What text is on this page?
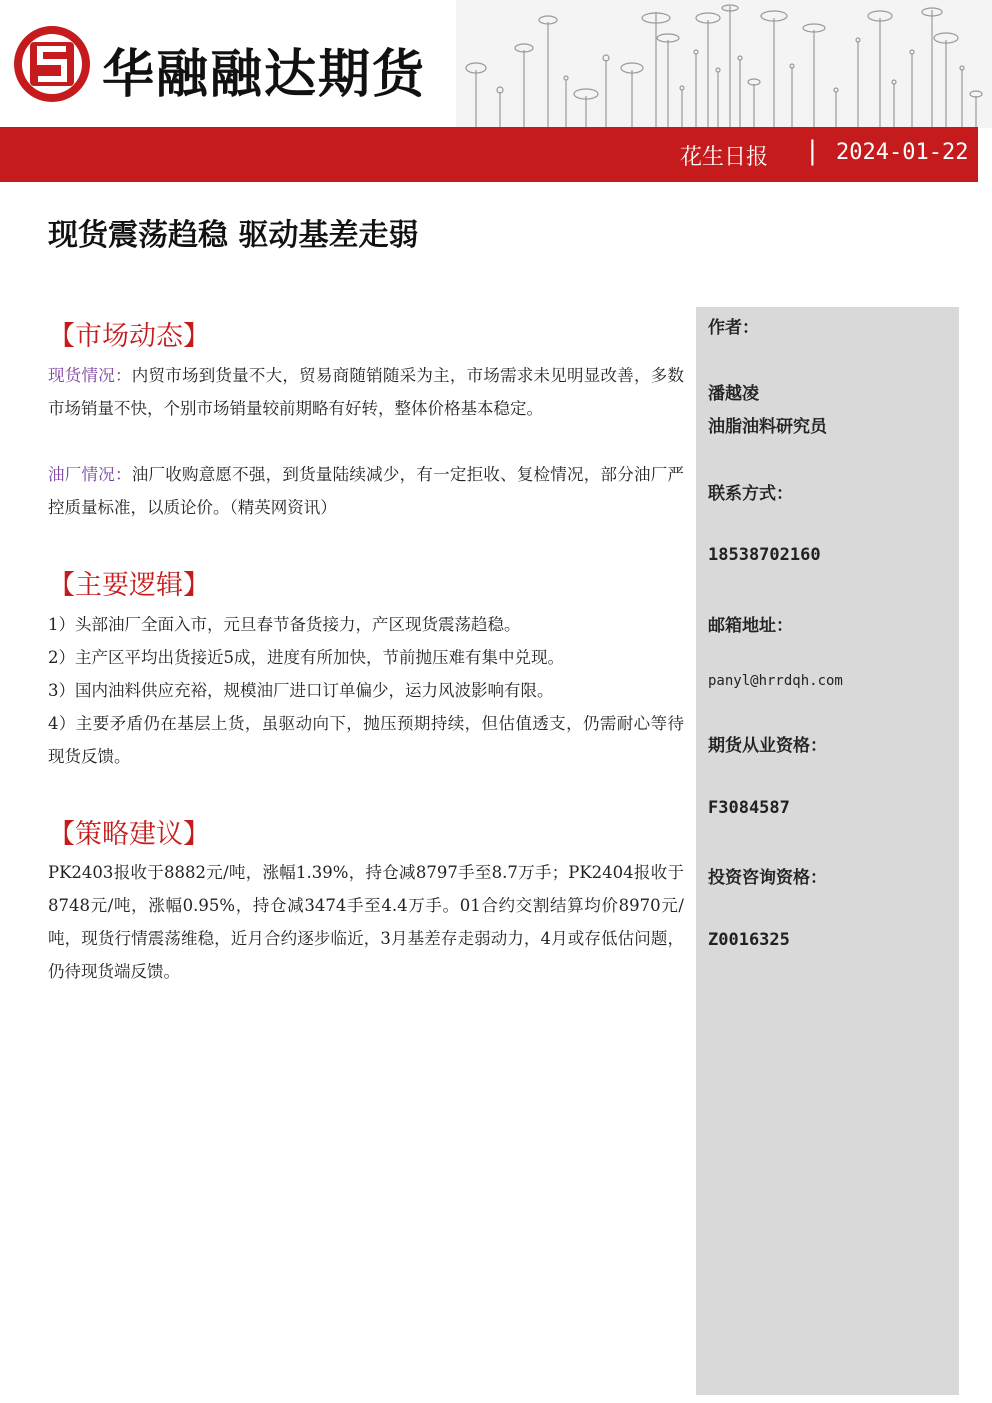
华融融达期货
花生日报 | 2024-01-22
现货震荡趋稳 驱动基差走弱
作者：
潘越凌
油脂油料研究员
联系方式：
18538702160
邮箱地址：
panyl@hrrdqh.com
期货从业资格：
F3084587
投资咨询资格：
Z0016325
【市场动态】
现货情况：内贸市场到货量不大，贸易商随销随采为主，市场需求未见明显改善，多数市场销量不快，个别市场销量较前期略有好转，整体价格基本稳定。
油厂情况：油厂收购意愿不强，到货量陆续减少，有一定拒收、复检情况，部分油厂严控质量标准，以质论价。（精英网资讯）
【主要逻辑】
1）头部油厂全面入市，元旦春节备货接力，产区现货震荡趋稳。
2）主产区平均出货接近5成，进度有所加快，节前抛压难有集中兑现。
3）国内油料供应充裕，规模油厂进口订单偏少，运力风波影响有限。
4）主要矛盾仍在基层上货，虽驱动向下，抛压预期持续，但估值透支，仍需耐心等待现货反馈。
【策略建议】
PK2403报收于8882元/吨，涨幅1.39%，持仓减8797手至8.7万手；PK2404报收于8748元/吨，涨幅0.95%，持仓减3474手至4.4万手。01合约交割结算均价8970元/吨，现货行情震荡维稳，近月合约逐步临近，3月基差存走弱动力，4月或存低估问题，仍待现货端反馈。
